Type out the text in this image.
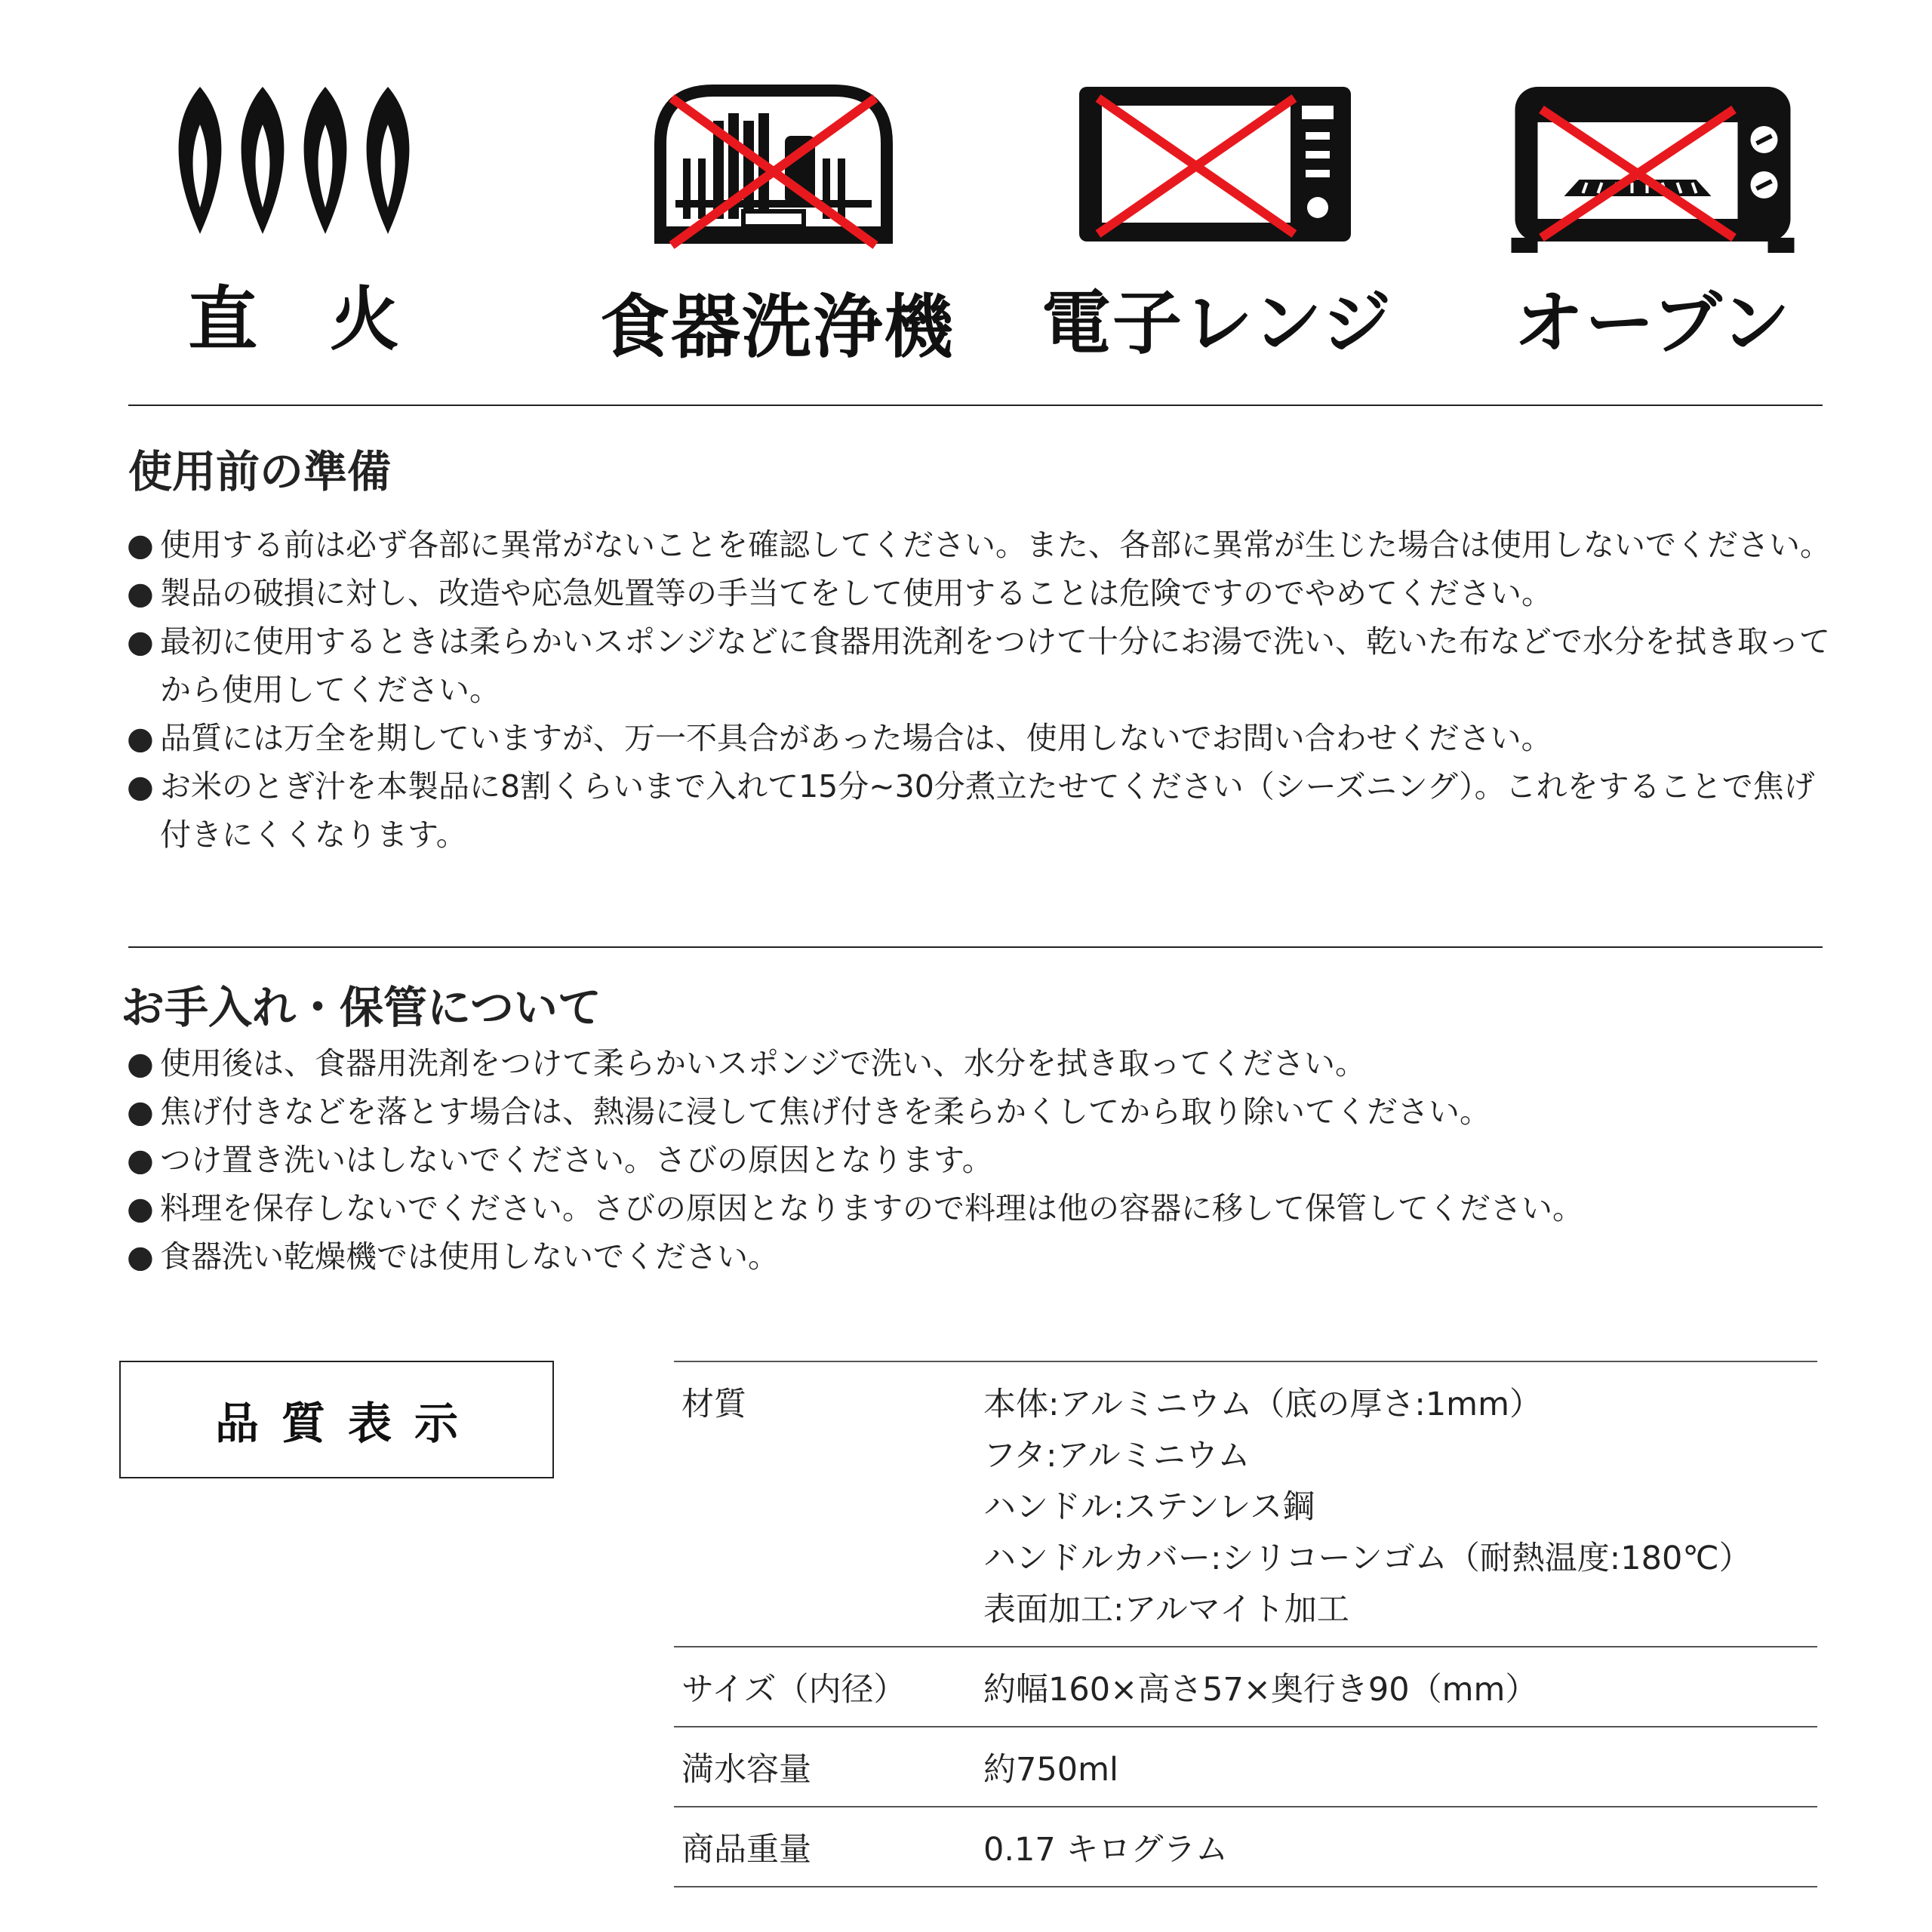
直　火	食器洗浄機 電子レンジ	オーブン
使用前の準備
● 使用する前は必ず各部に異常がないことを確認してください。また、各部に異常が生じた場合は使用しないでください。
● 製品の破損に対し、改造や応急処置等の手当てをして使用することは危険ですのでやめてください。
● 最初に使用するときは柔らかいスポンジなどに食器用洗剤をつけて十分にお湯で洗い、乾いた布などで水分を拭き取ってから使用してください。
● 品質には万全を期していますが、万一不具合があった場合は、使用しないでお問い合わせください。
● お米のとぎ汁を本製品に8割くらいまで入れて15分~30分煮立たせてください（シーズニング）。これをすることで焦げ付きにくくなります。
お手入れ・保管について
● 使用後は、食器用洗剤をつけて柔らかいスポンジで洗い、水分を拭き取ってください。
● 焦げ付きなどを落とす場合は、熱湯に浸して焦げ付きを柔らかくしてから取り除いてください。
● つけ置き洗いはしないでください。さびの原因となります。
● 料理を保存しないでください。さびの原因となりますので料理は他の容器に移して保管してください。
● 食器洗い乾燥機では使用しないでください。
品質表示	材質	本体:アルミニウム（底の厚さ:1mm）
フタ:アルミニウム
ハンドル:ステンレス鋼
ハンドルカバー:シリコーンゴム（耐熱温度:180℃）
表面加工:アルマイト加工

サイズ（内径）	約幅160×高さ57×奥行き90（mm）

満水容量	約750ml

商品重量	0.17 キログラム
